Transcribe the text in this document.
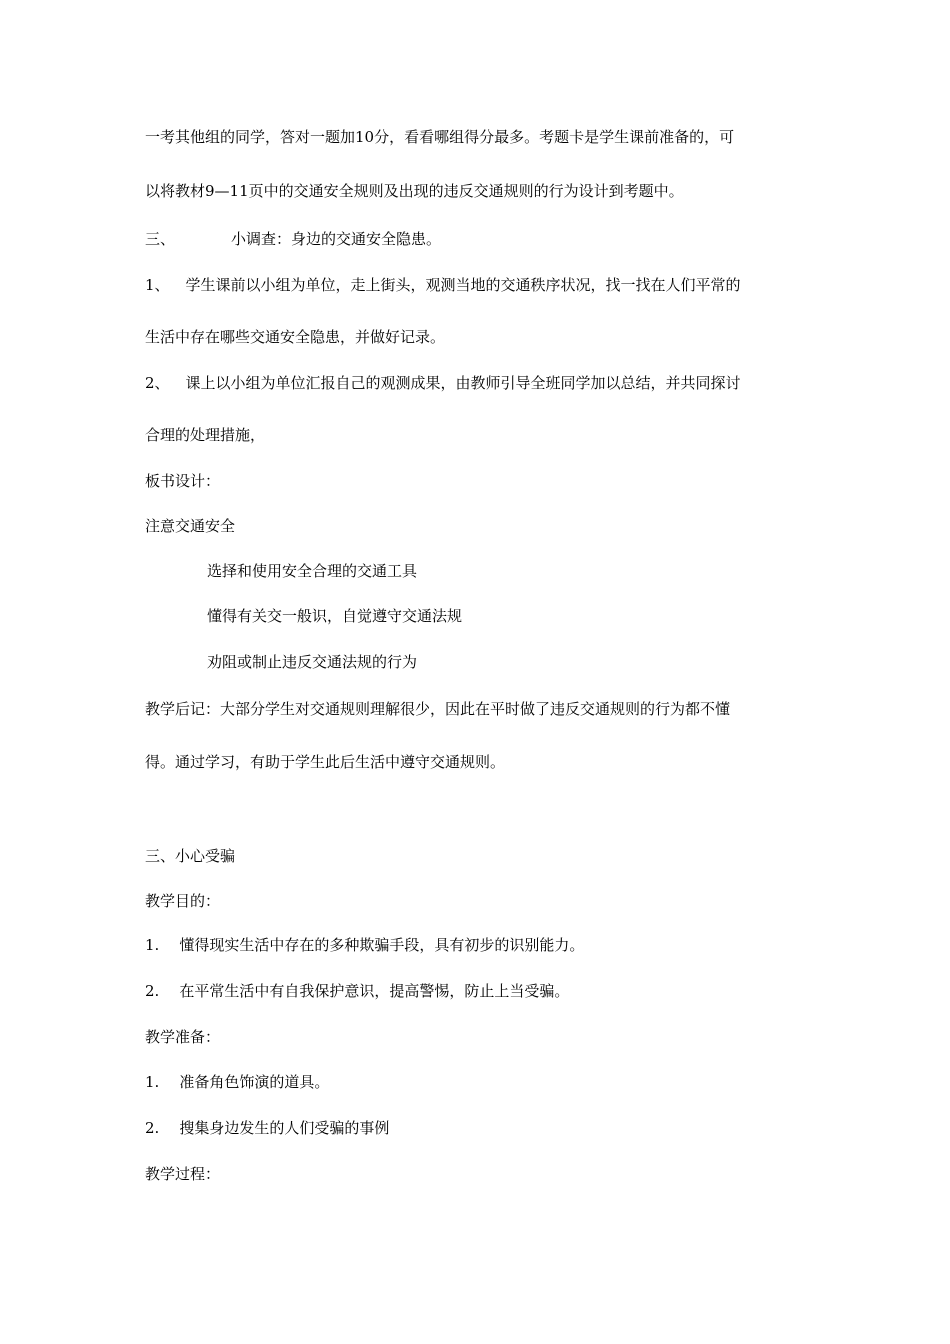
一考其他组的同学，答对一题加10分，看看哪组得分最多。考题卡是学生课前准备的，可
以将教材9—11页中的交通安全规则及出现的违反交通规则的行为设计到考题中。
三、	小调查：身边的交通安全隐患。
1、 学生课前以小组为单位，走上街头，观测当地的交通秩序状况，找一找在人们平常的
生活中存在哪些交通安全隐患，并做好记录。
2、 课上以小组为单位汇报自己的观测成果，由教师引导全班同学加以总结，并共同探讨
合理的处理措施，
板书设计：
注意交通安全
选择和使用安全合理的交通工具
懂得有关交一般识，自觉遵守交通法规
劝阻或制止违反交通法规的行为
教学后记：大部分学生对交通规则理解很少，因此在平时做了违反交通规则的行为都不懂
得。通过学习，有助于学生此后生活中遵守交通规则。
三、小心受骗
教学目的：
1. 懂得现实生活中存在的多种欺骗手段，具有初步的识别能力。
2. 在平常生活中有自我保护意识，提高警惕，防止上当受骗。
教学准备：
1. 准备角色饰演的道具。
2. 搜集身边发生的人们受骗的事例
教学过程：
